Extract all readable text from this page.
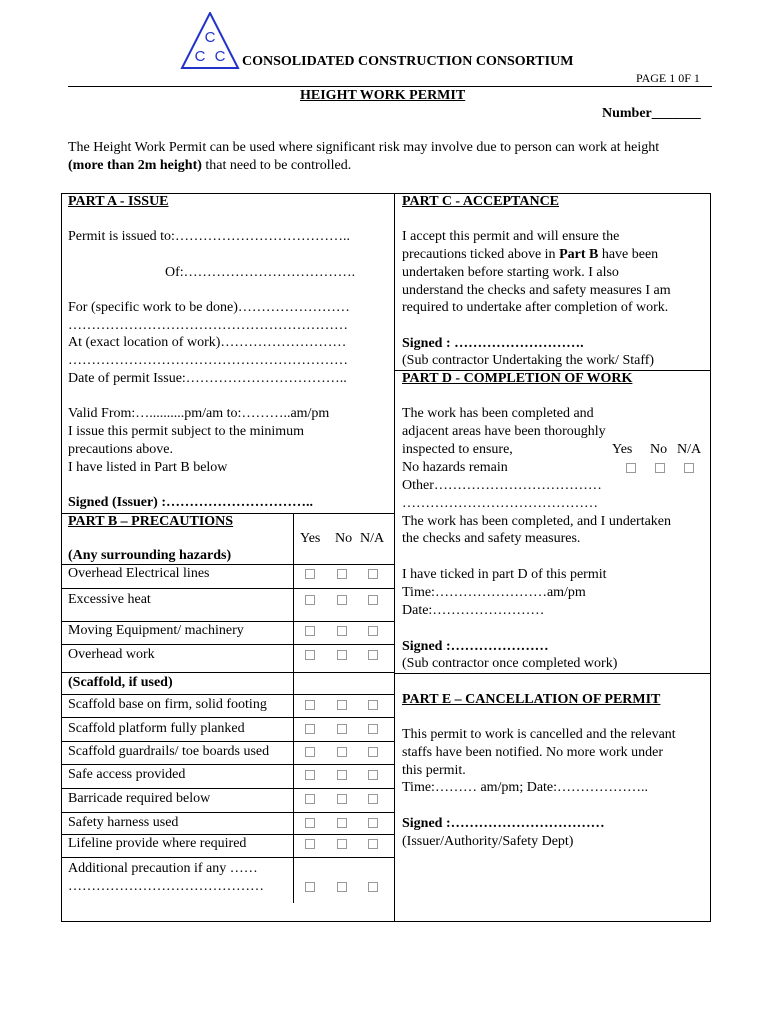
C
C C CONSOLIDATED CONSTRUCTION CONSORTIUM
PAGE 1 0F 1
HEIGHT WORK PERMIT
Number_______
The Height Work Permit can be used where significant risk may involve due to person can work at height
(more than 2m height) that need to be controlled.
PART A - ISSUE
Permit is issued to:………………………………..
Of:……………………………….
For (specific work to be done)……………………
……………………………………………………
At (exact location of work)………………………
……………………………………………………
Date of permit Issue:……………………………..
Valid From:…..........pm/am to:………..am/pm
I issue this permit subject to the minimum
precautions above.
I have listed in Part B below
Signed (Issuer) :…………………………..
PART B – PRECAUTIONS
(Any surrounding hazards)
Yes No N/A
Overhead Electrical lines
Excessive heat
Moving Equipment/ machinery
Overhead work
(Scaffold, if used)
Scaffold base on firm, solid footing
Scaffold platform fully planked
Scaffold guardrails/ toe boards used
Safe access provided
Barricade required below
Safety harness used
Lifeline provide where required
Additional precaution if any ……
……………………………………
PART C - ACCEPTANCE
I accept this permit and will ensure the
precautions ticked above in Part B have been
undertaken before starting work. I also
understand the checks and safety measures I am
required to undertake after completion of work.
Signed : ……………………….
(Sub contractor Undertaking the work/ Staff)
PART D - COMPLETION OF WORK
The work has been completed and
adjacent areas have been thoroughly
inspected to ensure,	Yes No N/A
No hazards remain
Other………………………………
……………………………………
The work has been completed, and I undertaken
the checks and safety measures.
I have ticked in part D of this permit
Time:……………………am/pm
Date:……………………
Signed :…………………
(Sub contractor once completed work)
PART E – CANCELLATION OF PERMIT
This permit to work is cancelled and the relevant
staffs have been notified. No more work under
this permit.
Time:……… am/pm; Date:………………..
Signed :……………………………
(Issuer/Authority/Safety Dept)
